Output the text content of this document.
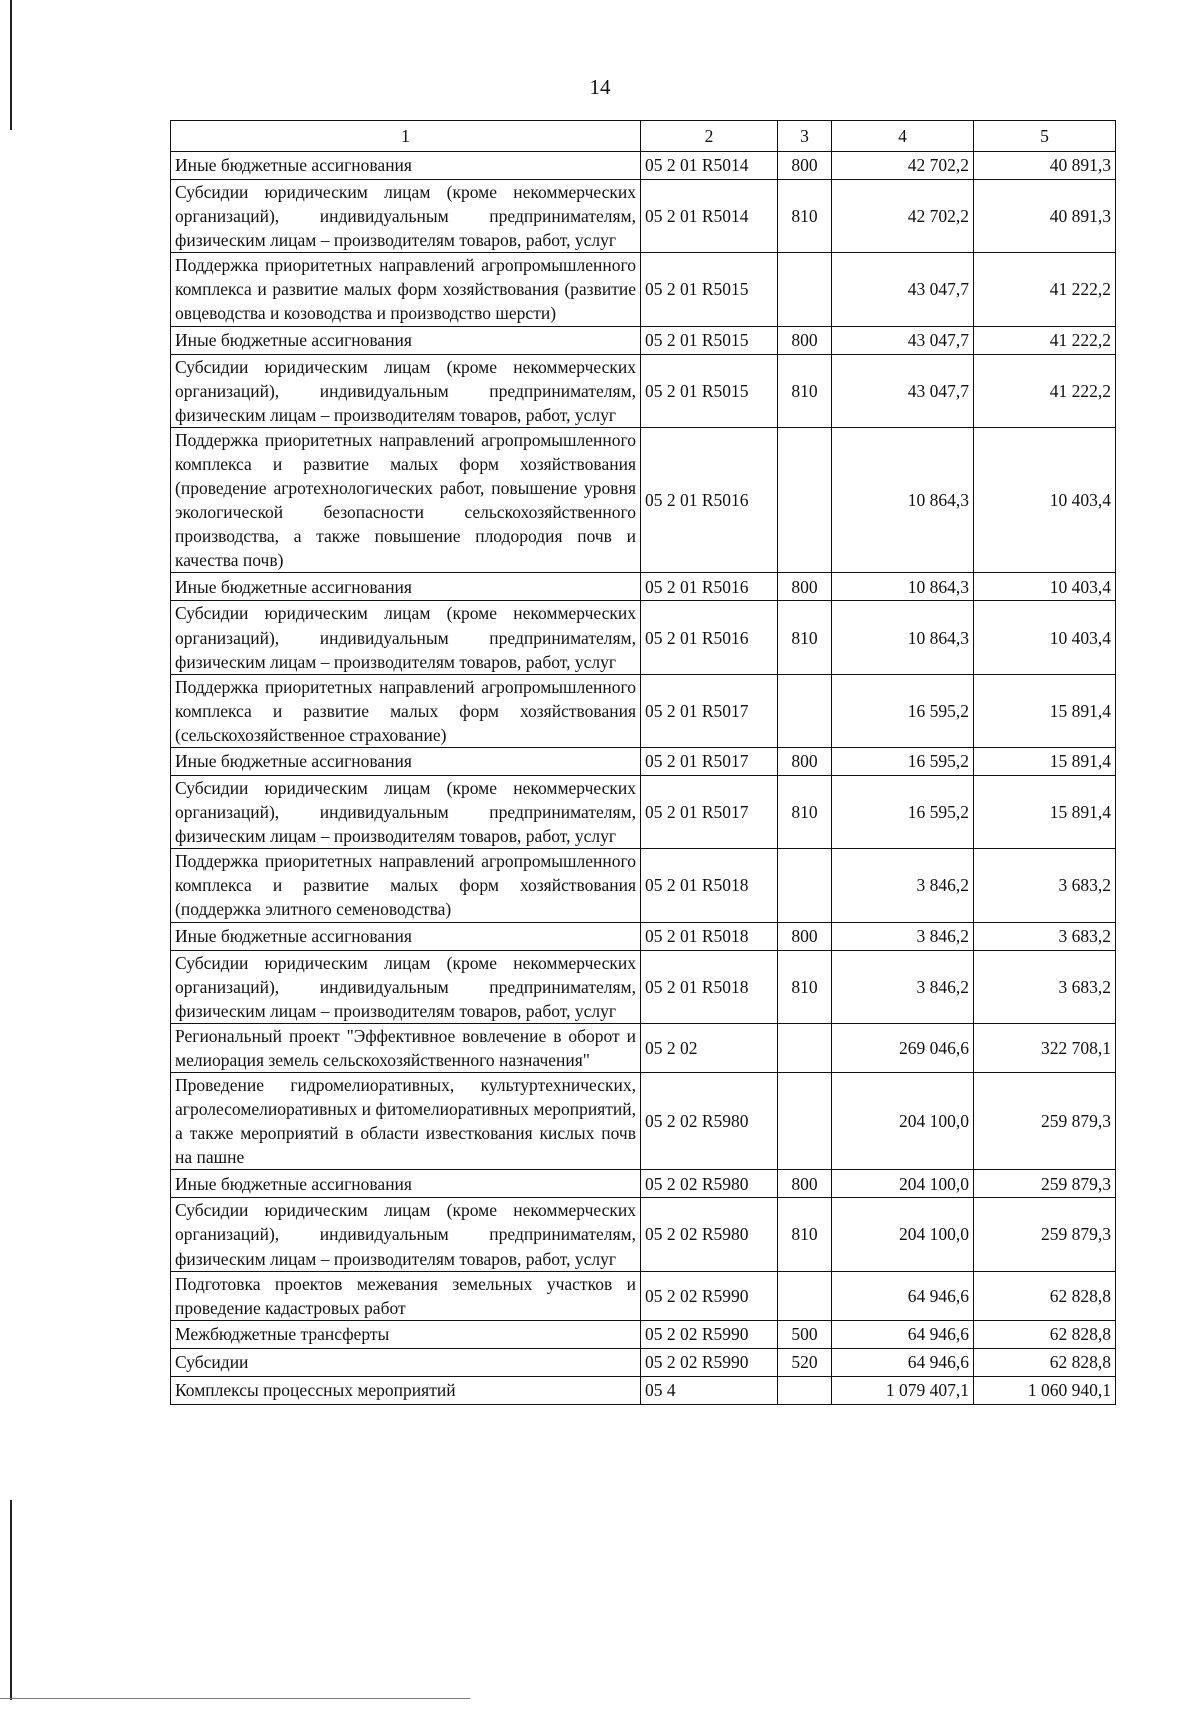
14
1	2	3	4	5
Иные бюджетные ассигнования	05 2 01 R5014	800	42 702,2	40 891,3
Субсидии юридическим лицам (кроме некоммерческих организаций), индивидуальным предпринимателям, физическим лицам – производителям товаров, работ, услуг	05 2 01 R5014	810	42 702,2	40 891,3
Поддержка приоритетных направлений агропромышленного комплекса и развитие малых форм хозяйствования (развитие овцеводства и козоводства и производство шерсти)	05 2 01 R5015		43 047,7	41 222,2
Иные бюджетные ассигнования	05 2 01 R5015	800	43 047,7	41 222,2
Субсидии юридическим лицам (кроме некоммерческих организаций), индивидуальным предпринимателям, физическим лицам – производителям товаров, работ, услуг	05 2 01 R5015	810	43 047,7	41 222,2
Поддержка приоритетных направлений агропромышленного комплекса и развитие малых форм хозяйствования (проведение агротехнологических работ, повышение уровня экологической безопасности сельскохозяйственного производства, а также повышение плодородия почв и качества почв)	05 2 01 R5016		10 864,3	10 403,4
Иные бюджетные ассигнования	05 2 01 R5016	800	10 864,3	10 403,4
Субсидии юридическим лицам (кроме некоммерческих организаций), индивидуальным предпринимателям, физическим лицам – производителям товаров, работ, услуг	05 2 01 R5016	810	10 864,3	10 403,4
Поддержка приоритетных направлений агропромышленного комплекса и развитие малых форм хозяйствования (сельскохозяйственное страхование)	05 2 01 R5017		16 595,2	15 891,4
Иные бюджетные ассигнования	05 2 01 R5017	800	16 595,2	15 891,4
Субсидии юридическим лицам (кроме некоммерческих организаций), индивидуальным предпринимателям, физическим лицам – производителям товаров, работ, услуг	05 2 01 R5017	810	16 595,2	15 891,4
Поддержка приоритетных направлений агропромышленного комплекса и развитие малых форм хозяйствования (поддержка элитного семеноводства)	05 2 01 R5018		3 846,2	3 683,2
Иные бюджетные ассигнования	05 2 01 R5018	800	3 846,2	3 683,2
Субсидии юридическим лицам (кроме некоммерческих организаций), индивидуальным предпринимателям, физическим лицам – производителям товаров, работ, услуг	05 2 01 R5018	810	3 846,2	3 683,2
Региональный проект "Эффективное вовлечение в оборот и мелиорация земель сельскохозяйственного назначения"	05 2 02		269 046,6	322 708,1
Проведение гидромелиоративных, культуртехнических, агролесомелиоративных и фитомелиоративных мероприятий, а также мероприятий в области известкования кислых почв на пашне	05 2 02 R5980		204 100,0	259 879,3
Иные бюджетные ассигнования	05 2 02 R5980	800	204 100,0	259 879,3
Субсидии юридическим лицам (кроме некоммерческих организаций), индивидуальным предпринимателям, физическим лицам – производителям товаров, работ, услуг	05 2 02 R5980	810	204 100,0	259 879,3
Подготовка проектов межевания земельных участков и проведение кадастровых работ	05 2 02 R5990		64 946,6	62 828,8
Межбюджетные трансферты	05 2 02 R5990	500	64 946,6	62 828,8
Субсидии	05 2 02 R5990	520	64 946,6	62 828,8
Комплексы процессных мероприятий	05 4		1 079 407,1	1 060 940,1
